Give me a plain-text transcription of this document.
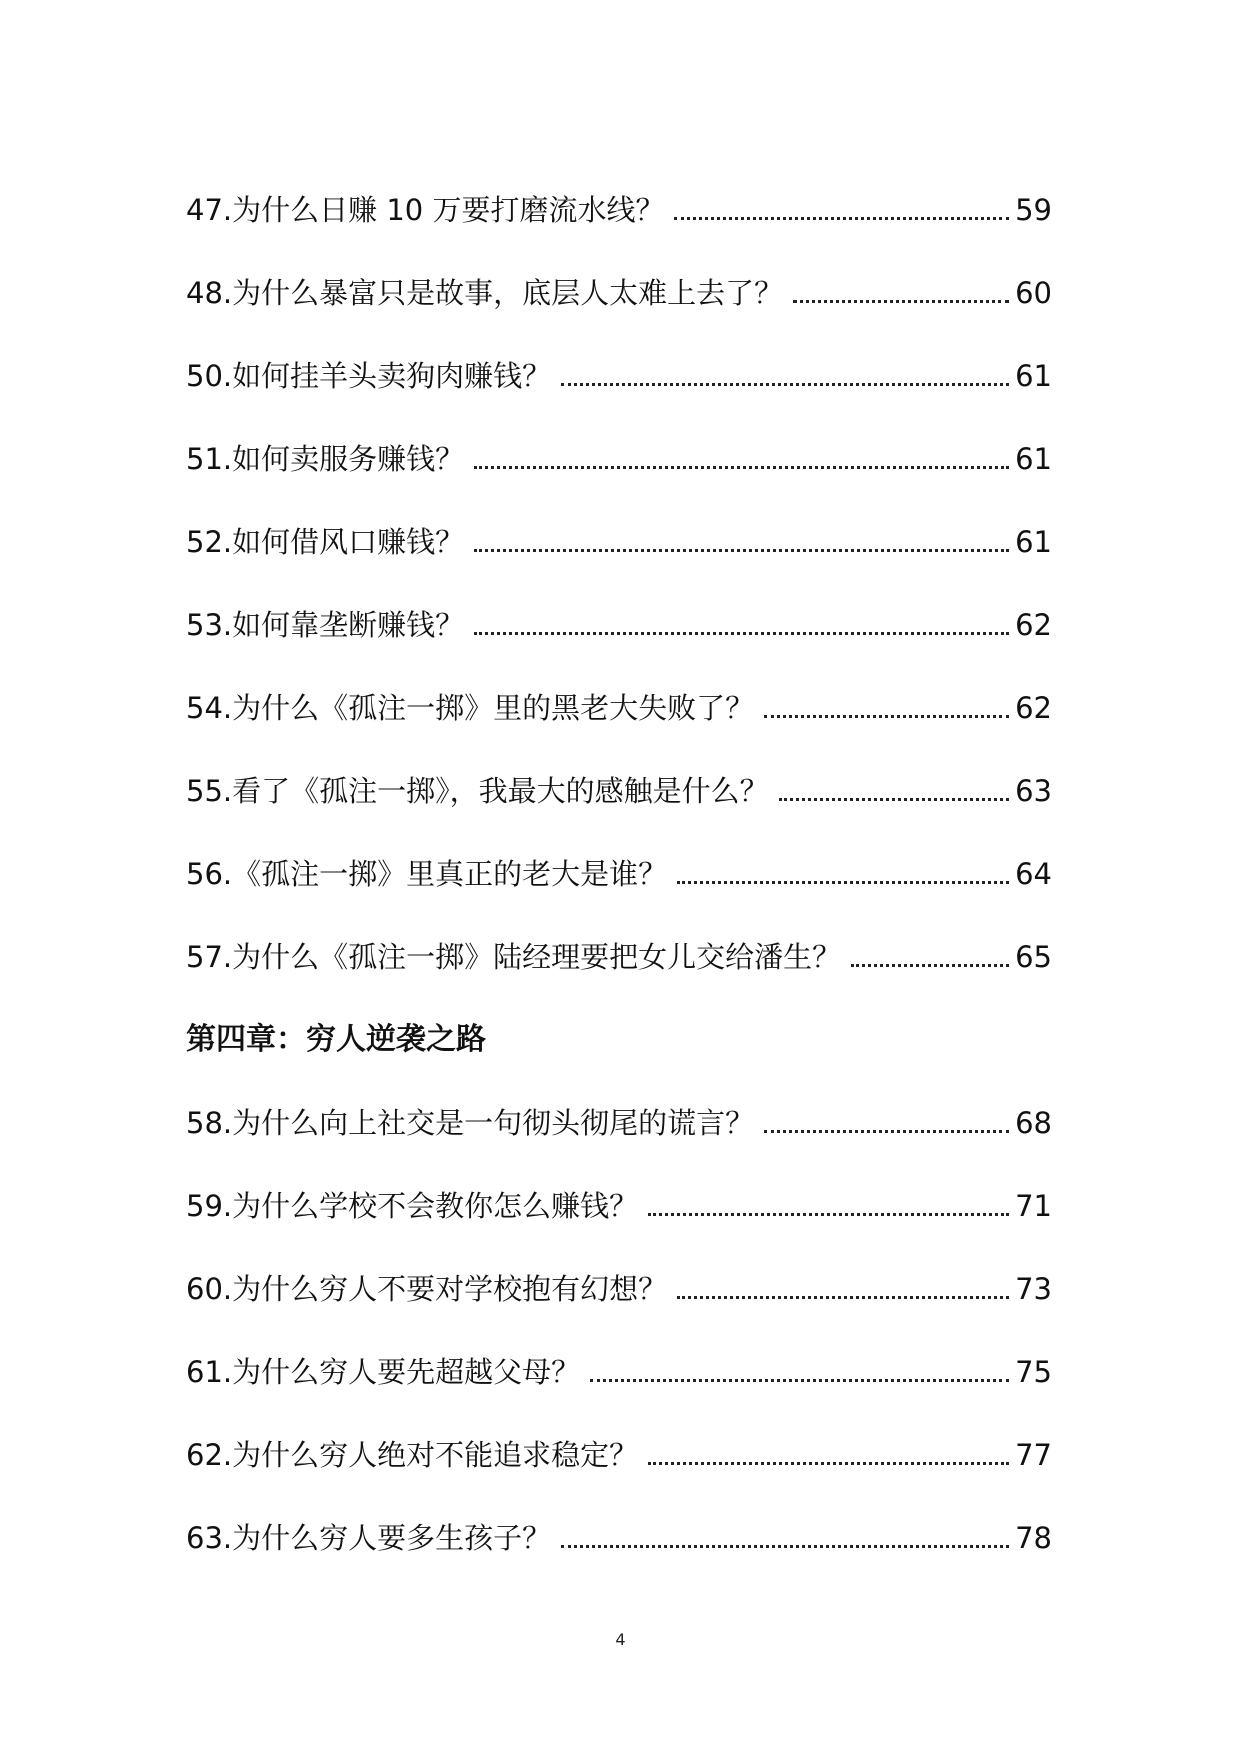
47.为什么日赚 10 万要打磨流水线？	59
48.为什么暴富只是故事，底层人太难上去了？	60
50.如何挂羊头卖狗肉赚钱？	61
51.如何卖服务赚钱？	61
52.如何借风口赚钱？	61
53.如何靠垄断赚钱？	62
54.为什么《孤注一掷》里的黑老大失败了？	62
55.看了《孤注一掷》，我最大的感触是什么？	63
56.《孤注一掷》里真正的老大是谁？	64
57.为什么《孤注一掷》陆经理要把女儿交给潘生？	65
第四章：穷人逆袭之路
58.为什么向上社交是一句彻头彻尾的谎言？	68
59.为什么学校不会教你怎么赚钱？	71
60.为什么穷人不要对学校抱有幻想？	73
61.为什么穷人要先超越父母？	75
62.为什么穷人绝对不能追求稳定？	77
63.为什么穷人要多生孩子？	78
4
